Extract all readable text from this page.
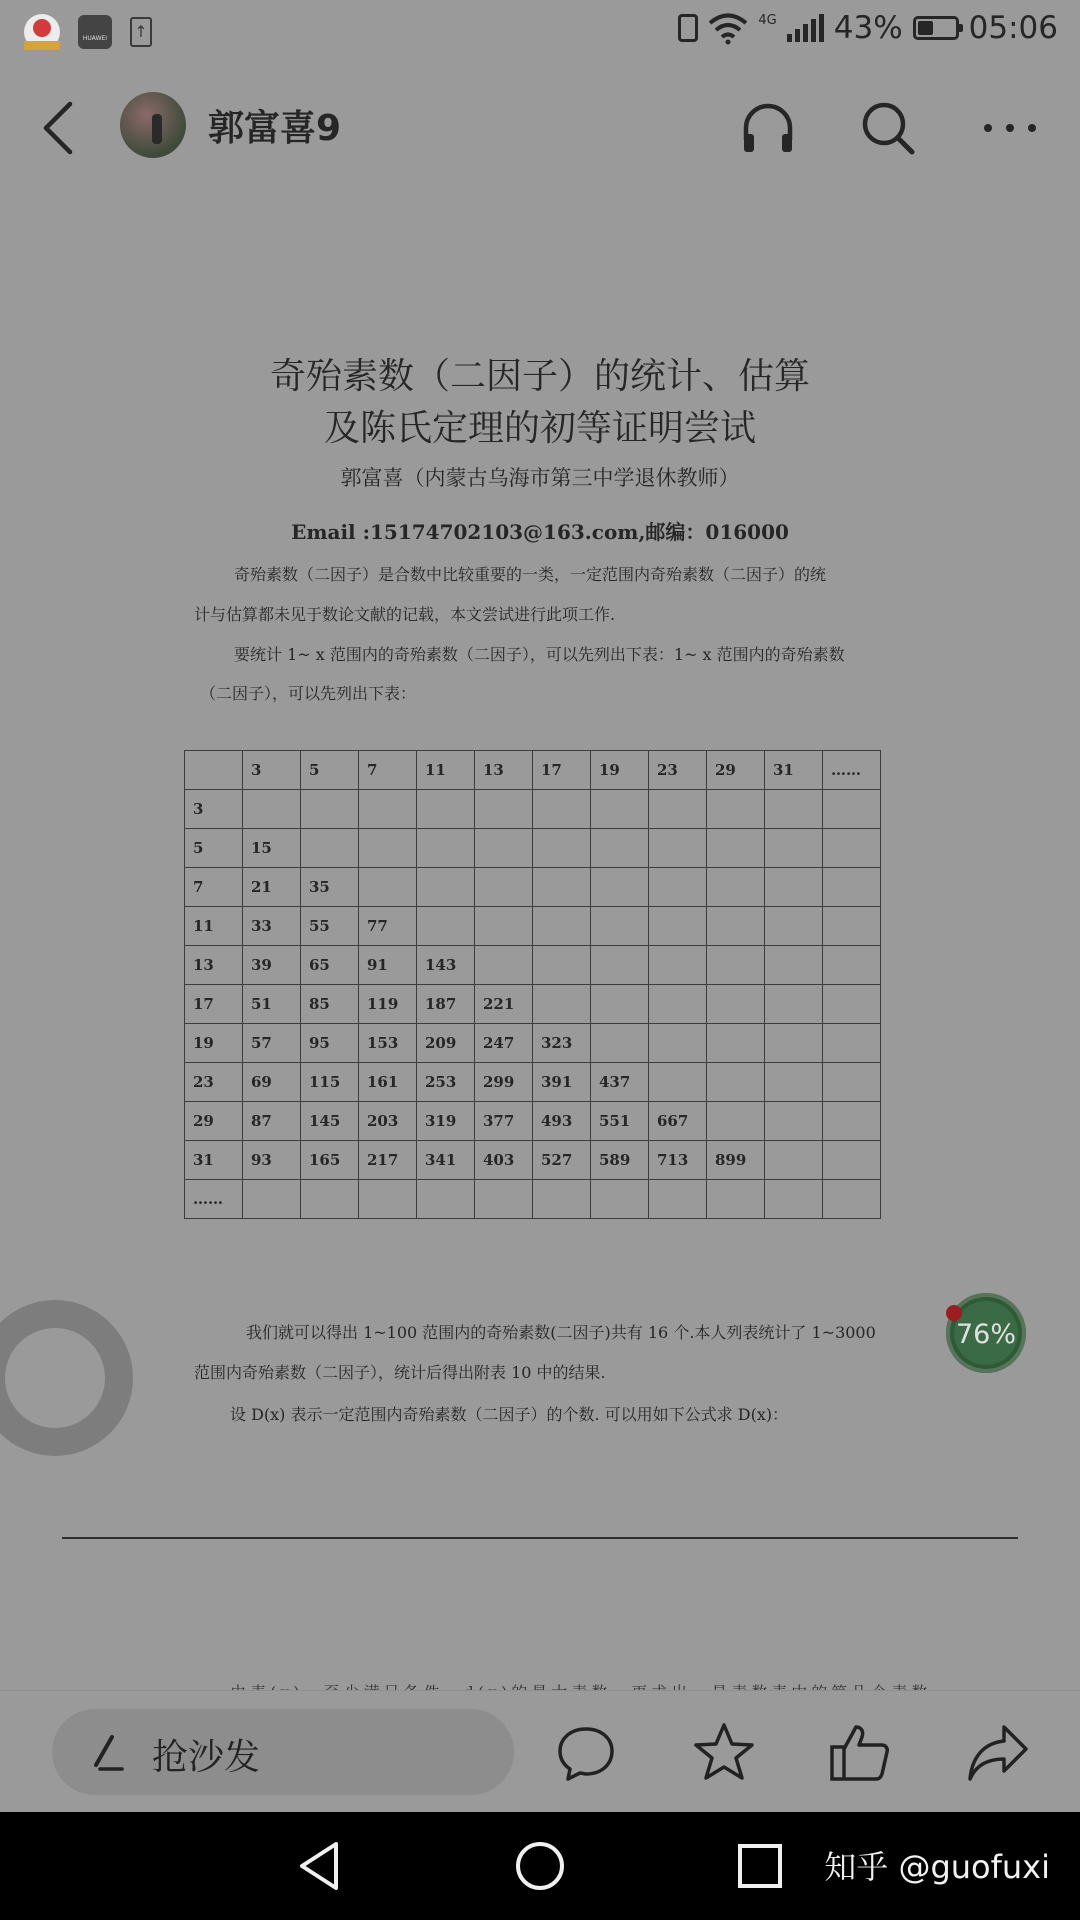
HUAWEI
↑
4G 43% 05:06
郭富喜9
奇殆素数（二因子）的统计、估算
及陈氏定理的初等证明尝试
郭富喜（内蒙古乌海市第三中学退休教师）
Email :15174702103@163.com,邮编：016000
奇殆素数（二因子）是合数中比较重要的一类，一定范围内奇殆素数（二因子）的统
计与估算都未见于数论文献的记载，本文尝试进行此项工作.
要统计 1~ x 范围内的奇殆素数（二因子），可以先列出下表：1~ x 范围内的奇殆素数
（二因子），可以先列出下表：
	3	5	7	11	13	17	19	23	29	31	……
3											
5	15										
7	21	35									
11	33	55	77								
13	39	65	91	143							
17	51	85	119	187	221						
19	57	95	153	209	247	323					
23	69	115	161	253	299	391	437				
29	87	145	203	319	377	493	551	667			
31	93	165	217	341	403	527	589	713	899		
……											
我们就可以得出 1~100 范围内的奇殆素数(二因子)共有 16 个.本人列表统计了 1~3000
范围内奇殆素数（二因子），统计后得出附表 10 中的结果.
设 D(x) 表示一定范围内奇殆素数（二因子）的个数. 可以用如下公式求 D(x)：
76%
抢沙发
知乎 @guofuxi
